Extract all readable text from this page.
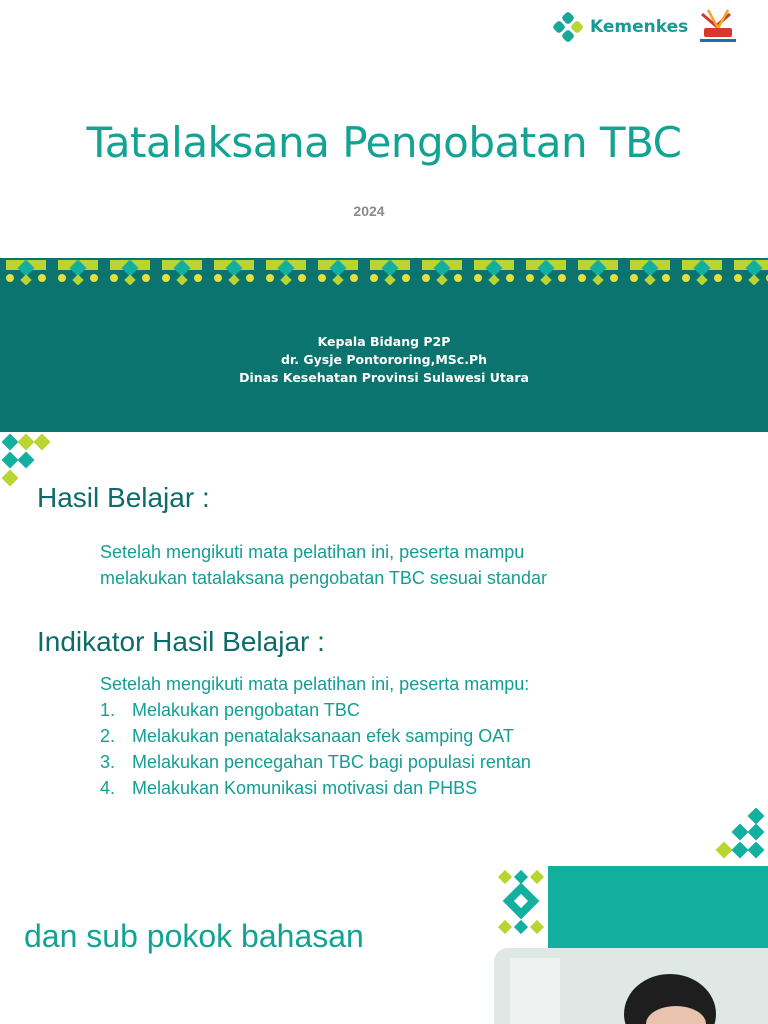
Kemenkes
Tatalaksana Pengobatan TBC
2024
Kepala Bidang P2P
dr. Gysje Pontororing,MSc.Ph
Dinas Kesehatan Provinsi Sulawesi Utara
Hasil Belajar :
Setelah mengikuti mata pelatihan ini, peserta mampu
melakukan tatalaksana pengobatan TBC sesuai standar
Indikator Hasil Belajar :
Setelah mengikuti mata pelatihan ini, peserta mampu:
1. Melakukan pengobatan TBC
2. Melakukan penatalaksanaan efek samping OAT
3. Melakukan pencegahan TBC bagi populasi rentan
4. Melakukan Komunikasi motivasi dan PHBS
dan sub pokok bahasan
